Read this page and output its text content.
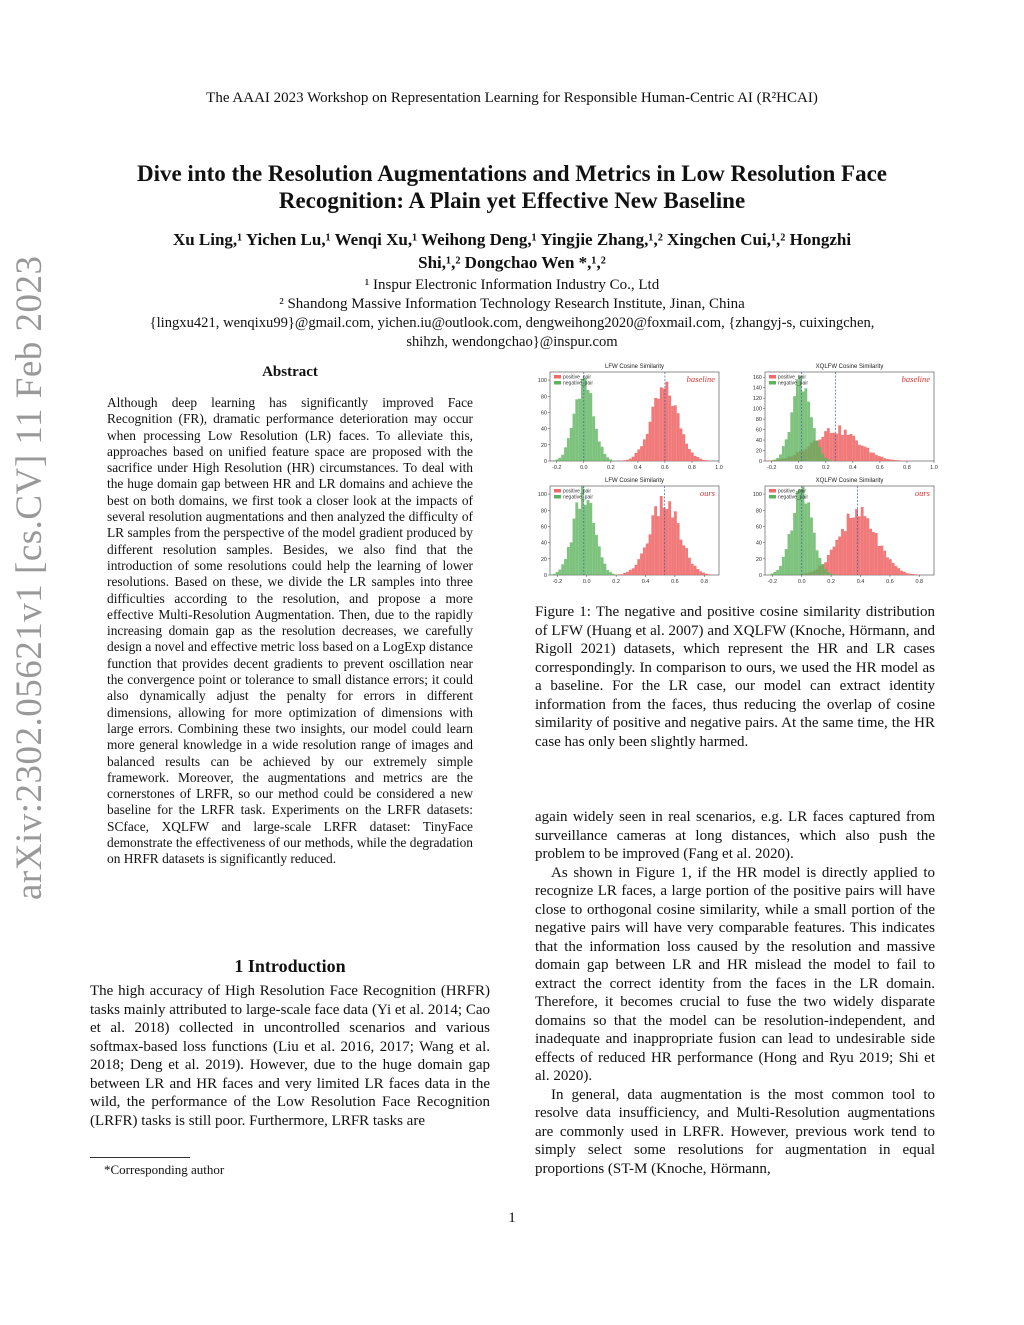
The AAAI 2023 Workshop on Representation Learning for Responsible Human-Centric AI (R²HCAI)
Dive into the Resolution Augmentations and Metrics in Low Resolution Face Recognition: A Plain yet Effective New Baseline
Xu Ling,¹ Yichen Lu,¹ Wenqi Xu,¹ Weihong Deng,¹ Yingjie Zhang,¹,² Xingchen Cui,¹,² Hongzhi
Shi,¹,² Dongchao Wen *,¹,²
¹ Inspur Electronic Information Industry Co., Ltd
² Shandong Massive Information Technology Research Institute, Jinan, China
{lingxu421, wenqixu99}@gmail.com, yichen.iu@outlook.com, dengweihong2020@foxmail.com, {zhangyj-s, cuixingchen,
shihzh, wendongchao}@inspur.com
arXiv:2302.05621v1 [cs.CV] 11 Feb 2023	Abstract
Although deep learning has significantly improved Face Recognition (FR), dramatic performance deterioration may occur when processing Low Resolution (LR) faces. To alleviate this, approaches based on unified feature space are proposed with the sacrifice under High Resolution (HR) circumstances. To deal with the huge domain gap between HR and LR domains and achieve the best on both domains, we first took a closer look at the impacts of several resolution augmentations and then analyzed the difficulty of LR samples from the perspective of the model gradient produced by different resolution samples. Besides, we also find that the introduction of some resolutions could help the learning of lower resolutions. Based on these, we divide the LR samples into three difficulties according to the resolution, and propose a more effective Multi-Resolution Augmentation. Then, due to the rapidly increasing domain gap as the resolution decreases, we carefully design a novel and effective metric loss based on a LogExp distance function that provides decent gradients to prevent oscillation near the convergence point or tolerance to small distance errors; it could also dynamically adjust the penalty for errors in different dimensions, allowing for more optimization of dimensions with large errors. Combining these two insights, our model could learn more general knowledge in a wide resolution range of images and balanced results can be achieved by our extremely simple framework. Moreover, the augmentations and metrics are the cornerstones of LRFR, so our method could be considered a new baseline for the LRFR task. Experiments on the LRFR datasets: SCface, XQLFW and large-scale LRFR dataset: TinyFace demonstrate the effectiveness of our methods, while the degradation on HRFR datasets is significantly reduced.
1 Introduction
The high accuracy of High Resolution Face Recognition (HRFR) tasks mainly attributed to large-scale face data (Yi et al. 2014; Cao et al. 2018) collected in uncontrolled scenarios and various softmax-based loss functions (Liu et al. 2016, 2017; Wang et al. 2018; Deng et al. 2019). However, due to the huge domain gap between LR and HR faces and very limited LR faces data in the wild, the performance of the Low Resolution Face Recognition (LRFR) tasks is still poor. Furthermore, LRFR tasks are
*Corresponding author
LFW Cosine Similarity
-0.2	0.0	0.2	0.4	0.6	0.8	1.0
0
20
40
60
80
100
positive_pair
negative_pair	baseline
XQLFW Cosine Similarity
-0.2	0.0	0.2	0.4	0.6	0.8	1.0
0
20
40
60
80
100
120
140
160	positive_pair
negative_pair	baseline
LFW Cosine Similarity
-0.2	0.0	0.2	0.4	0.6	0.8
0
20
40
60
80
100
positive_pair
negative_pair	ours
XQLFW Cosine Similarity
-0.2	0.0	0.2	0.4	0.6	0.8
0
20
40
60
80
100
positive_pair
negative_pair	ours
Figure 1: The negative and positive cosine similarity distribution of LFW (Huang et al. 2007) and XQLFW (Knoche, Hörmann, and Rigoll 2021) datasets, which represent the HR and LR cases correspondingly. In comparison to ours, we used the HR model as a baseline. For the LR case, our model can extract identity information from the faces, thus reducing the overlap of cosine similarity of positive and negative pairs. At the same time, the HR case has only been slightly harmed.

again widely seen in real scenarios, e.g. LR faces captured from surveillance cameras at long distances, which also push the problem to be improved (Fang et al. 2020).

As shown in Figure 1, if the HR model is directly applied to recognize LR faces, a large portion of the positive pairs will have close to orthogonal cosine similarity, while a small portion of the negative pairs will have very comparable features. This indicates that the information loss caused by the resolution and massive domain gap between LR and HR mislead the model to fail to extract the correct identity from the faces in the LR domain. Therefore, it becomes crucial to fuse the two widely disparate domains so that the model can be resolution-independent, and inadequate and inappropriate fusion can lead to undesirable side effects of reduced HR performance (Hong and Ryu 2019; Shi et al. 2020).

In general, data augmentation is the most common tool to resolve data insufficiency, and Multi-Resolution augmentations are commonly used in LRFR. However, previous work tend to simply select some resolutions for augmentation in equal proportions (ST-M (Knoche, Hörmann,

1
